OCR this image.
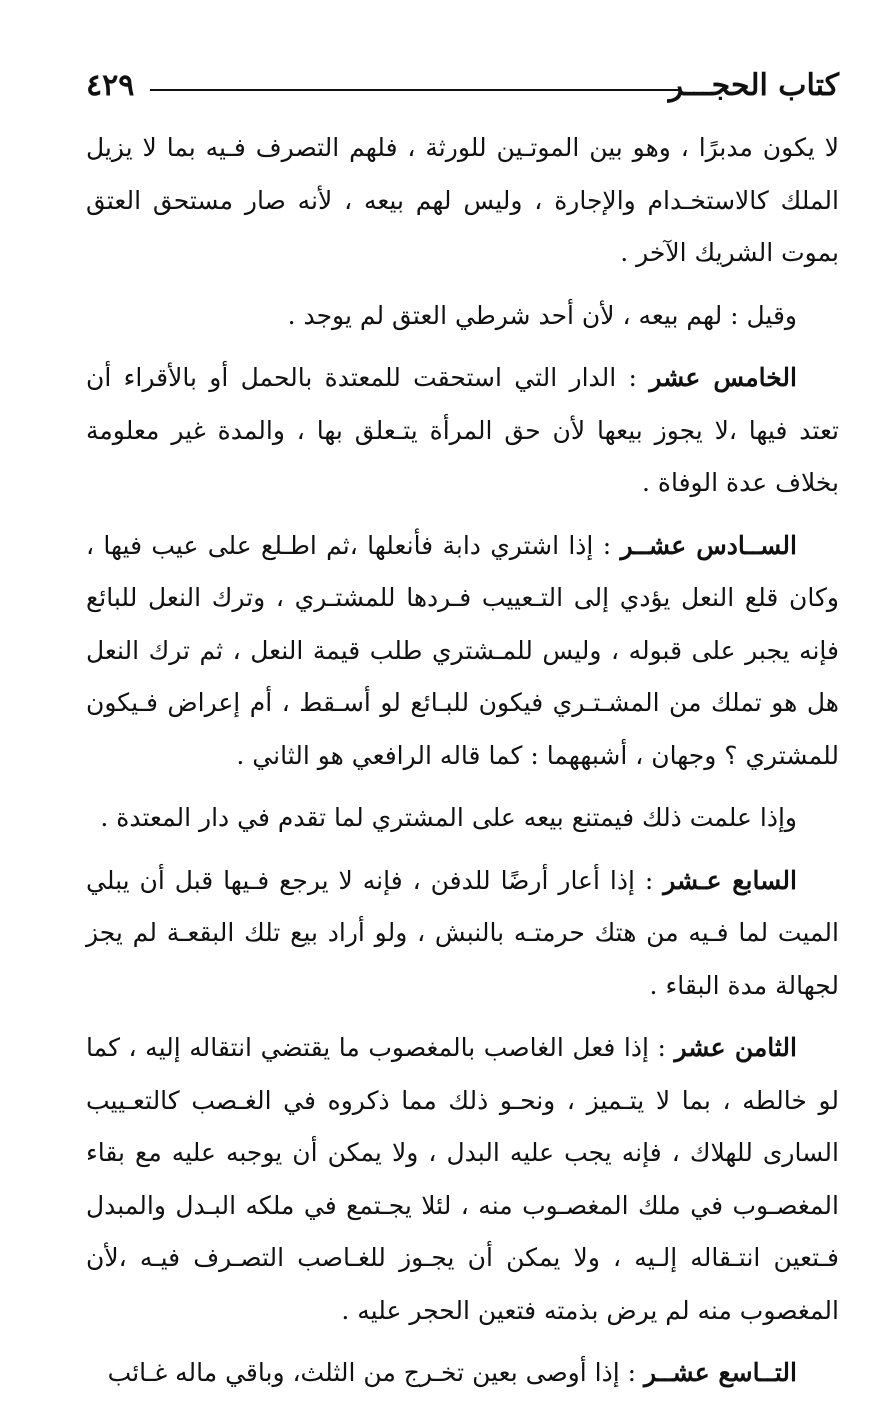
٤٢٩	كتاب الحجـــر

لا يكون مدبرًا ، وهو بين الموتـين للورثة ، فلهم التصرف فـيه بما لا يزيل الملك كالاستخـدام والإجارة ، وليس لهم بيعه ، لأنه صار مستحق العتق بموت الشريك الآخر .

وقيل : لهم بيعه ، لأن أحد شرطي العتق لم يوجد .

الخامس عشر : الدار التي استحقت للمعتدة بالحمل أو بالأقراء أن تعتد فيها ،لا يجوز بيعها لأن حق المرأة يتـعلق بها ، والمدة غير معلومة بخلاف عدة الوفاة .

الســادس عشــر : إذا اشتري دابة فأنعلها ،ثم اطـلع على عيب فيها ، وكان قلع النعل يؤدي إلى التـعييب فـردها للمشتـري ، وترك النعل للبائع فإنه يجبر على قبوله ، وليس للمـشتري طلب قيمة النعل ، ثم ترك النعل هل هو تملك من المشـتـري فيكون للبـائع لو أسـقط ، أم إعراض فـيكون للمشتري ؟ وجهان ، أشبههما : كما قاله الرافعي هو الثاني .

وإذا علمت ذلك فيمتنع بيعه على المشتري لما تقدم في دار المعتدة .

السابع عـشر : إذا أعار أرضًا للدفن ، فإنه لا يرجع فـيها قبل أن يبلي الميت لما فـيه من هتك حرمتـه بالنبش ، ولو أراد بيع تلك البقعـة لم يجز لجهالة مدة البقاء .

الثامن عشر : إذا فعل الغاصب بالمغصوب ما يقتضي انتقاله إليه ، كما لو خالطه ، بما لا يتـميز ، ونحـو ذلك مما ذكروه في الغـصب كالتعـييب السارى للهلاك ، فإنه يجب عليه البدل ، ولا يمكن أن يوجبه عليه مع بقاء المغصـوب في ملك المغصـوب منه ، لئلا يجـتمع في ملكه البـدل والمبدل فـتعين انتـقاله إلـيه ، ولا يمكن أن يجـوز للغـاصب التصـرف فيـه ،لأن المغصوب منه لم يرض بذمته فتعين الحجر عليه .

التــاسع عشــر : إذا أوصى بعين تخـرج من الثلث، وباقي ماله غـائب
